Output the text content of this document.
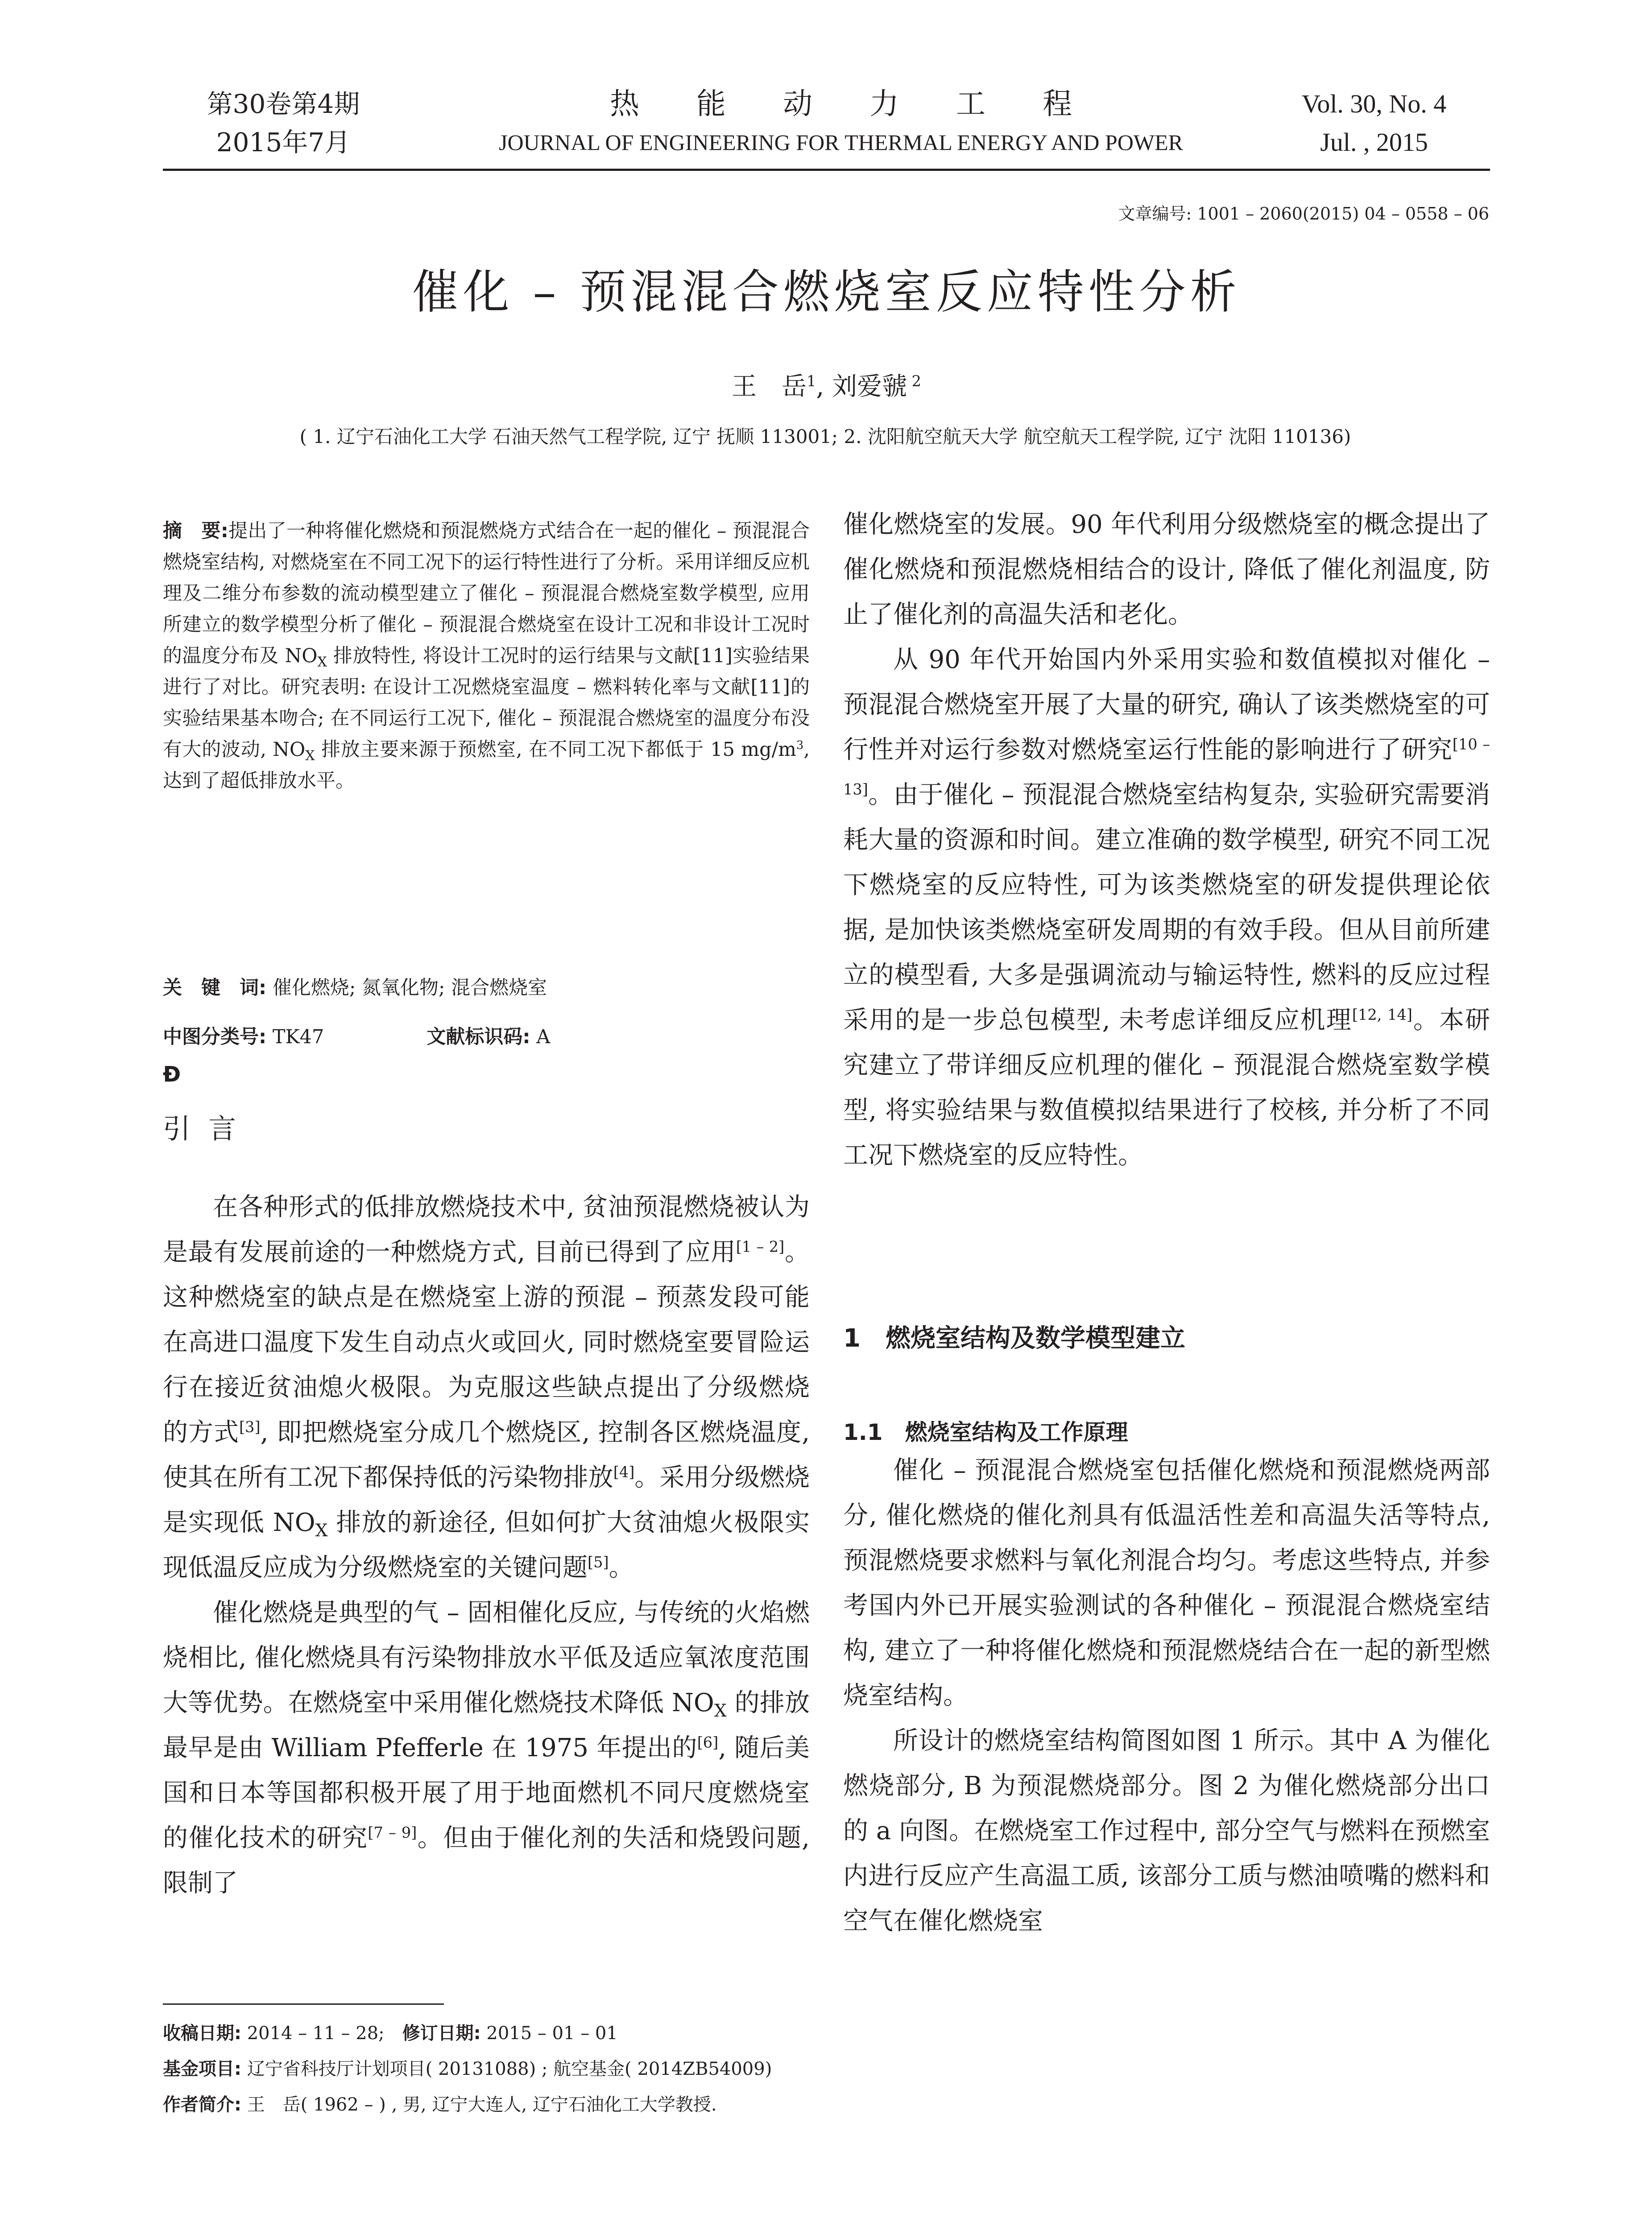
第30卷第4期
2015年7月
热能动力工程
JOURNAL OF ENGINEERING FOR THERMAL ENERGY AND POWER
Vol. 30, No. 4
Jul. , 2015
文章编号: 1001 – 2060(2015) 04 – 0558 – 06
催化 – 预混混合燃烧室反应特性分析
王　岳$^1$, 刘爱虢 $^2$
( 1. 辽宁石油化工大学 石油天然气工程学院, 辽宁 抚顺 113001; 2. 沈阳航空航天大学 航空航天工程学院, 辽宁 沈阳 110136)
摘　要:提出了一种将催化燃烧和预混燃烧方式结合在一起的催化 – 预混混合燃烧室结构, 对燃烧室在不同工况下的运行特性进行了分析。采用详细反应机理及二维分布参数的流动模型建立了催化 – 预混混合燃烧室数学模型, 应用所建立的数学模型分析了催化 – 预混混合燃烧室在设计工况和非设计工况时的温度分布及 $NO_X$ 排放特性, 将设计工况时的运行结果与文献[11]实验结果进行了对比。研究表明: 在设计工况燃烧室温度 – 燃料转化率与文献[11]的实验结果基本吻合; 在不同运行工况下, 催化 – 预混混合燃烧室的温度分布没有大的波动, $NO_X$ 排放主要来源于预燃室, 在不同工况下都低于 15 $mg/m^3$, 达到了超低排放水平。
关　键　词: 催化燃烧; 氮氧化物; 混合燃烧室
中图分类号: TK47	文献标识码: A
Ð
引言

在各种形式的低排放燃烧技术中, 贫油预混燃烧被认为是最有发展前途的一种燃烧方式, 目前已得到了应用[1 – 2]。这种燃烧室的缺点是在燃烧室上游的预混 – 预蒸发段可能在高进口温度下发生自动点火或回火, 同时燃烧室要冒险运行在接近贫油熄火极限。为克服这些缺点提出了分级燃烧的方式[3], 即把燃烧室分成几个燃烧区, 控制各区燃烧温度, 使其在所有工况下都保持低的污染物排放[4]。采用分级燃烧是实现低 $NO_X$ 排放的新途径, 但如何扩大贫油熄火极限实现低温反应成为分级燃烧室的关键问题[5]。

催化燃烧是典型的气 – 固相催化反应, 与传统的火焰燃烧相比, 催化燃烧具有污染物排放水平低及适应氧浓度范围大等优势。在燃烧室中采用催化燃烧技术降低 $NO_X$ 的排放最早是由 William Pfefferle 在 1975 年提出的[6], 随后美国和日本等国都积极开展了用于地面燃机不同尺度燃烧室的催化技术的研究[7 – 9]。但由于催化剂的失活和烧毁问题, 限制了

催化燃烧室的发展。90 年代利用分级燃烧室的概念提出了催化燃烧和预混燃烧相结合的设计, 降低了催化剂温度, 防止了催化剂的高温失活和老化。

从 90 年代开始国内外采用实验和数值模拟对催化 – 预混混合燃烧室开展了大量的研究, 确认了该类燃烧室的可行性并对运行参数对燃烧室运行性能的影响进行了研究[10 – 13]。由于催化 – 预混混合燃烧室结构复杂, 实验研究需要消耗大量的资源和时间。建立准确的数学模型, 研究不同工况下燃烧室的反应特性, 可为该类燃烧室的研发提供理论依据, 是加快该类燃烧室研发周期的有效手段。但从目前所建立的模型看, 大多是强调流动与输运特性, 燃料的反应过程采用的是一步总包模型, 未考虑详细反应机理[12, 14]。本研究建立了带详细反应机理的催化 – 预混混合燃烧室数学模型, 将实验结果与数值模拟结果进行了校核, 并分析了不同工况下燃烧室的反应特性。

1　燃烧室结构及数学模型建立
1.1　燃烧室结构及工作原理

催化 – 预混混合燃烧室包括催化燃烧和预混燃烧两部分, 催化燃烧的催化剂具有低温活性差和高温失活等特点, 预混燃烧要求燃料与氧化剂混合均匀。考虑这些特点, 并参考国内外已开展实验测试的各种催化 – 预混混合燃烧室结构, 建立了一种将催化燃烧和预混燃烧结合在一起的新型燃烧室结构。

所设计的燃烧室结构简图如图 1 所示。其中 A 为催化燃烧部分, B 为预混燃烧部分。图 2 为催化燃烧部分出口的 a 向图。在燃烧室工作过程中, 部分空气与燃料在预燃室内进行反应产生高温工质, 该部分工质与燃油喷嘴的燃料和空气在催化燃烧室

收稿日期: 2014 – 11 – 28;　修订日期: 2015 – 01 – 01
基金项目: 辽宁省科技厅计划项目( 20131088) ; 航空基金( 2014ZB54009)
作者简介: 王　岳( 1962 – ) , 男, 辽宁大连人, 辽宁石油化工大学教授.
